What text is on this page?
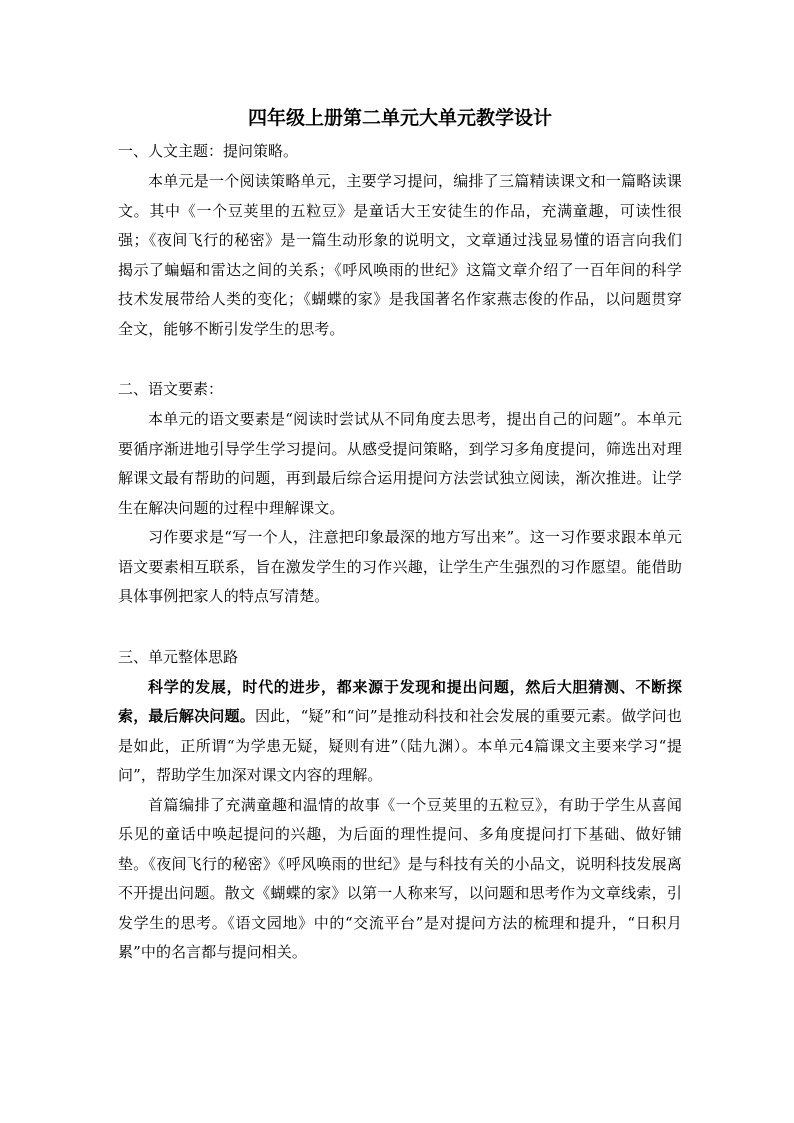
四年级上册第二单元大单元教学设计

一、人文主题：提问策略。

本单元是一个阅读策略单元，主要学习提问，编排了三篇精读课文和一篇略读课文。其中《一个豆荚里的五粒豆》是童话大王安徒生的作品，充满童趣，可读性很强；《夜间飞行的秘密》是一篇生动形象的说明文，文章通过浅显易懂的语言向我们揭示了蝙蝠和雷达之间的关系；《呼风唤雨的世纪》这篇文章介绍了一百年间的科学技术发展带给人类的变化；《蝴蝶的家》是我国著名作家燕志俊的作品，以问题贯穿全文，能够不断引发学生的思考。

二、语文要素：

本单元的语文要素是“阅读时尝试从不同角度去思考，提出自己的问题”。本单元要循序渐进地引导学生学习提问。从感受提问策略，到学习多角度提问，筛选出对理解课文最有帮助的问题，再到最后综合运用提问方法尝试独立阅读，渐次推进。让学生在解决问题的过程中理解课文。

习作要求是“写一个人，注意把印象最深的地方写出来”。这一习作要求跟本单元语文要素相互联系，旨在激发学生的习作兴趣，让学生产生强烈的习作愿望。能借助具体事例把家人的特点写清楚。

三、单元整体思路

科学的发展，时代的进步，都来源于发现和提出问题，然后大胆猜测、不断探索，最后解决问题。因此，“疑”和“问”是推动科技和社会发展的重要元素。做学问也是如此，正所谓“为学患无疑，疑则有进”（陆九渊）。本单元4篇课文主要来学习“提问”，帮助学生加深对课文内容的理解。

首篇编排了充满童趣和温情的故事《一个豆荚里的五粒豆》，有助于学生从喜闻乐见的童话中唤起提问的兴趣，为后面的理性提问、多角度提问打下基础、做好铺垫。《夜间飞行的秘密》《呼风唤雨的世纪》是与科技有关的小品文，说明科技发展离不开提出问题。散文《蝴蝶的家》以第一人称来写，以问题和思考作为文章线索，引发学生的思考。《语文园地》中的“交流平台”是对提问方法的梳理和提升，“日积月累”中的名言都与提问相关。
